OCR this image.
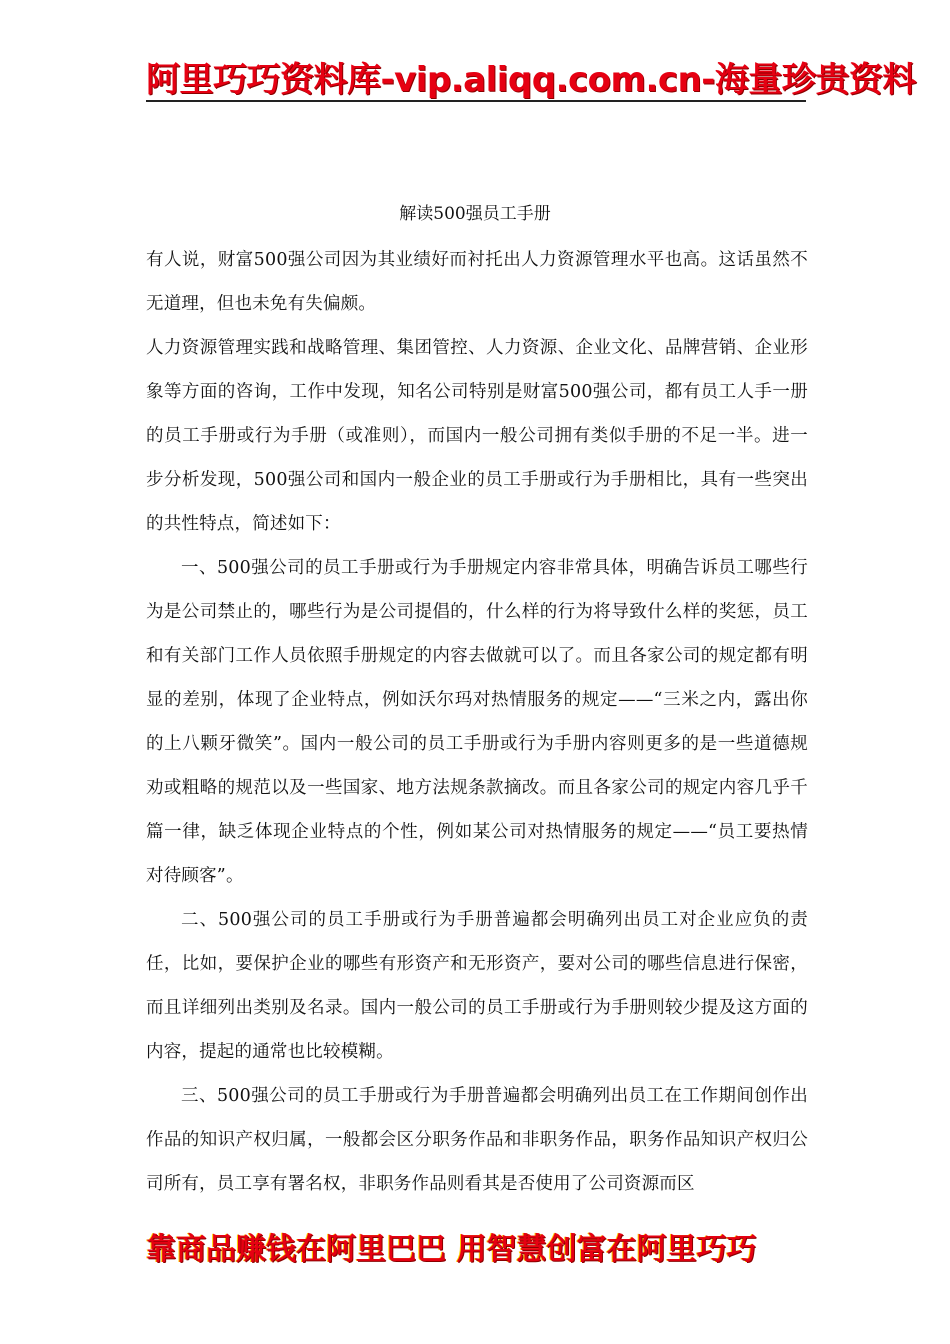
阿里巧巧资料库-vip.aliqq.com.cn-海量珍贵资料
解读500强员工手册

有人说，财富500强公司因为其业绩好而衬托出人力资源管理水平也高。这话虽然不无道理，但也未免有失偏颇。

人力资源管理实践和战略管理、集团管控、人力资源、企业文化、品牌营销、企业形象等方面的咨询，工作中发现，知名公司特别是财富500强公司，都有员工人手一册的员工手册或行为手册（或准则），而国内一般公司拥有类似手册的不足一半。进一步分析发现，500强公司和国内一般企业的员工手册或行为手册相比，具有一些突出的共性特点，简述如下：

一、500强公司的员工手册或行为手册规定内容非常具体，明确告诉员工哪些行为是公司禁止的，哪些行为是公司提倡的，什么样的行为将导致什么样的奖惩，员工和有关部门工作人员依照手册规定的内容去做就可以了。而且各家公司的规定都有明显的差别，体现了企业特点，例如沃尔玛对热情服务的规定——“三米之内，露出你的上八颗牙微笑”。国内一般公司的员工手册或行为手册内容则更多的是一些道德规劝或粗略的规范以及一些国家、地方法规条款摘改。而且各家公司的规定内容几乎千篇一律，缺乏体现企业特点的个性，例如某公司对热情服务的规定——“员工要热情对待顾客”。

二、500强公司的员工手册或行为手册普遍都会明确列出员工对企业应负的责任，比如，要保护企业的哪些有形资产和无形资产，要对公司的哪些信息进行保密，而且详细列出类别及名录。国内一般公司的员工手册或行为手册则较少提及这方面的内容，提起的通常也比较模糊。

三、500强公司的员工手册或行为手册普遍都会明确列出员工在工作期间创作出作品的知识产权归属，一般都会区分职务作品和非职务作品，职务作品知识产权归公司所有，员工享有署名权，非职务作品则看其是否使用了公司资源而区

靠商品赚钱在阿里巴巴 用智慧创富在阿里巧巧
